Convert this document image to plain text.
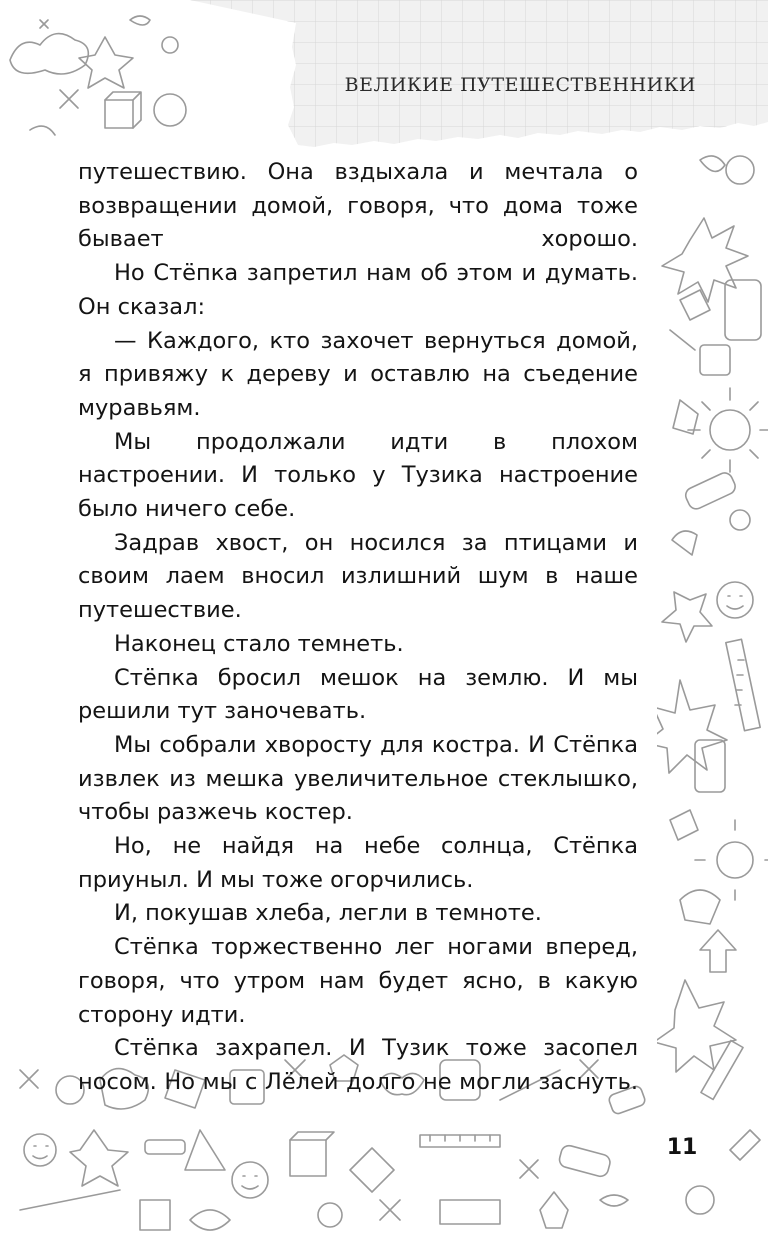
ВЕЛИКИЕ ПУТЕШЕСТВЕННИКИ

путешествию. Она вздыхала и мечтала о возвращении домой, говоря, что дома тоже бывает хорошо.

Но Стёпка запретил нам об этом и думать. Он сказал:

— Каждого, кто захочет вернуться домой, я привяжу к дереву и оставлю на съедение муравьям.

Мы продолжали идти в плохом настроении. И только у Тузика настроение было ничего себе.

Задрав хвост, он носился за птицами и своим лаем вносил излишний шум в наше путешествие.

Наконец стало темнеть.

Стёпка бросил мешок на землю. И мы решили тут заночевать.

Мы собрали хворосту для костра. И Стёпка извлек из мешка увеличительное стеклышко, чтобы разжечь костер.

Но, не найдя на небе солнца, Стёпка приуныл. И мы тоже огорчились.

И, покушав хлеба, легли в темноте.

Стёпка торжественно лег ногами вперед, говоря, что утром нам будет ясно, в какую сторону идти.

Стёпка захрапел. И Тузик тоже засопел носом. Но мы с Лёлей долго не могли заснуть.

11
